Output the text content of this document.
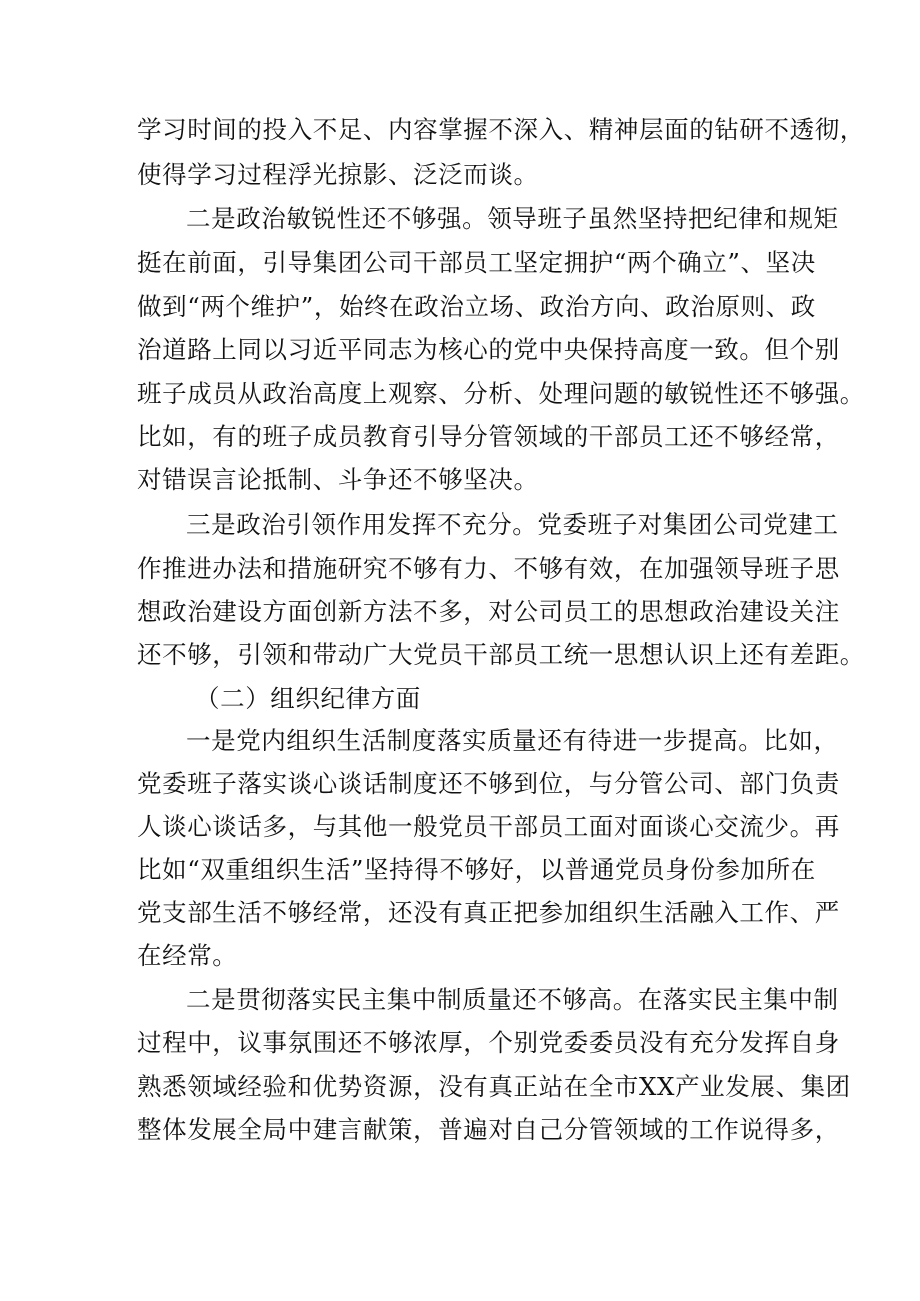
学习时间的投入不足、内容掌握不深入、精神层面的钻研不透彻，
使得学习过程浮光掠影、泛泛而谈。
二是政治敏锐性还不够强。领导班子虽然坚持把纪律和规矩
挺在前面，引导集团公司干部员工坚定拥护“两个确立”、坚决
做到“两个维护”，始终在政治立场、政治方向、政治原则、政
治道路上同以习近平同志为核心的党中央保持高度一致。但个别
班子成员从政治高度上观察、分析、处理问题的敏锐性还不够强。
比如，有的班子成员教育引导分管领域的干部员工还不够经常，
对错误言论抵制、斗争还不够坚决。
三是政治引领作用发挥不充分。党委班子对集团公司党建工
作推进办法和措施研究不够有力、不够有效，在加强领导班子思
想政治建设方面创新方法不多，对公司员工的思想政治建设关注
还不够，引领和带动广大党员干部员工统一思想认识上还有差距。
（二）组织纪律方面
一是党内组织生活制度落实质量还有待进一步提高。比如，
党委班子落实谈心谈话制度还不够到位，与分管公司、部门负责
人谈心谈话多，与其他一般党员干部员工面对面谈心交流少。再
比如“双重组织生活”坚持得不够好，以普通党员身份参加所在
党支部生活不够经常，还没有真正把参加组织生活融入工作、严
在经常。
二是贯彻落实民主集中制质量还不够高。在落实民主集中制
过程中，议事氛围还不够浓厚，个别党委委员没有充分发挥自身
熟悉领域经验和优势资源，没有真正站在全市XX产业发展、集团
整体发展全局中建言献策，普遍对自己分管领域的工作说得多，
